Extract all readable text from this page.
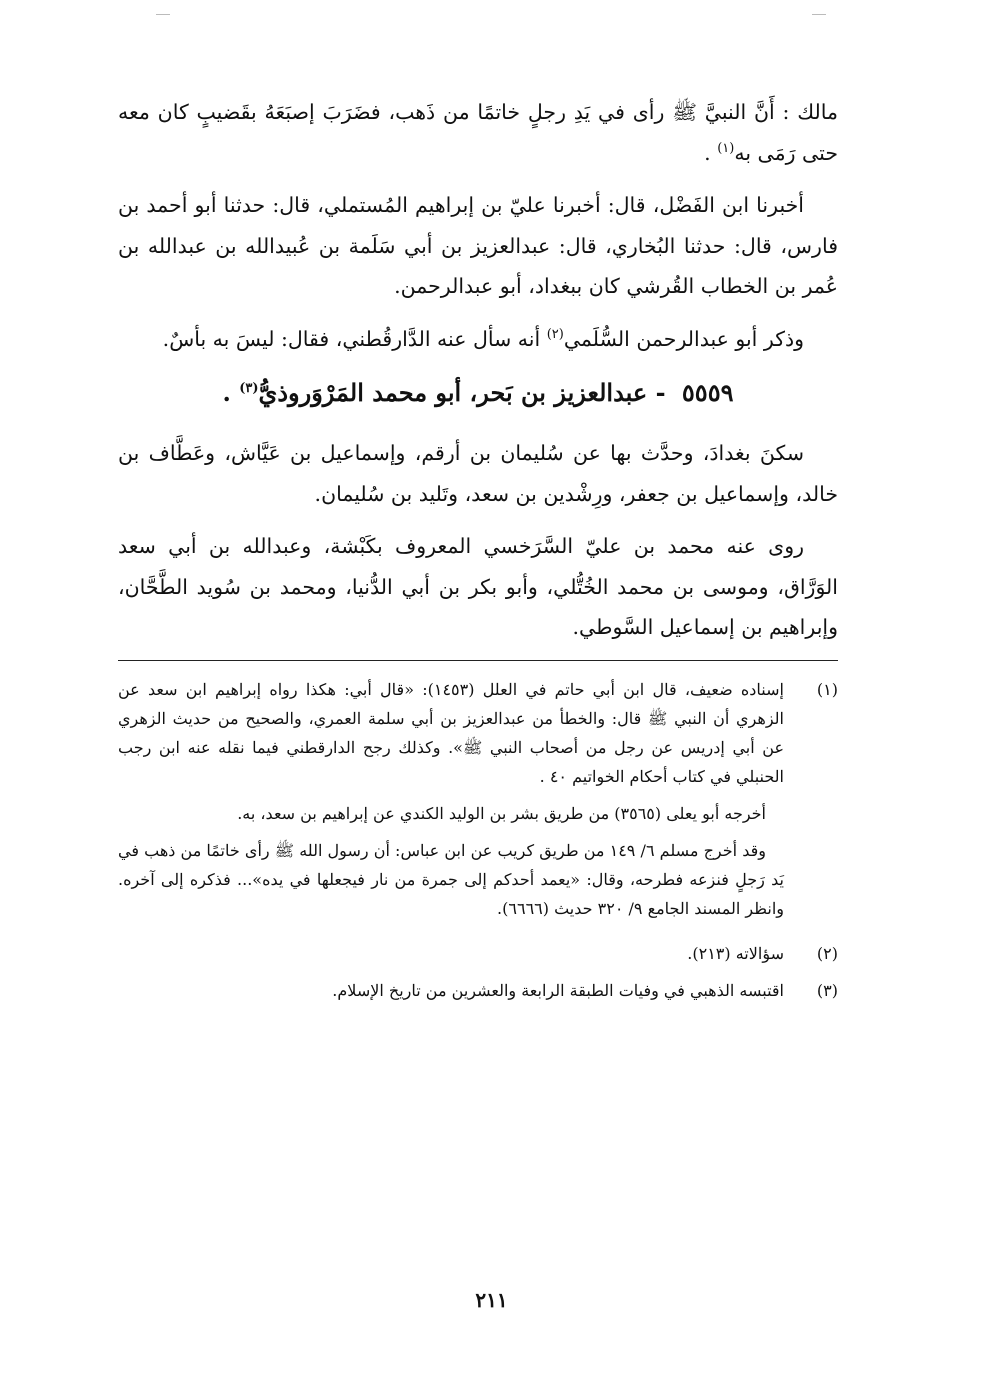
مالك : أَنَّ النبيَّ ﷺ رأى في يَدِ رجلٍ خاتمًا من ذَهب، فضَرَبَ إصبَعَهُ بقَضيبٍ كان معه حتى رَمَى به$^{(١)}$ .

أخبرنا ابن الفَضْل، قال: أخبرنا عليّ بن إبراهيم المُستملي، قال: حدثنا أبو أحمد بن فارس، قال: حدثنا البُخاري، قال: عبدالعزيز بن أبي سَلَمة بن عُبيدالله بن عبدالله بن عُمر بن الخطاب القُرشي كان ببغداد، أبو عبدالرحمن.

وذكر أبو عبدالرحمن السُّلَمي$^{(٢)}$ أنه سأل عنه الدَّارقُطني، فقال: ليسَ به بأسٌ.

٥٥٥٩ - عبدالعزيز بن بَحر، أبو محمد المَرْوَروذيُّ$^{(٣)}$ .

سكنَ بغدادَ، وحدَّث بها عن سُليمان بن أرقم، وإسماعيل بن عَيَّاش، وعَطَّاف بن خالد، وإسماعيل بن جعفر، ورِشْدين بن سعد، وتَليد بن سُليمان.

روى عنه محمد بن عليّ السَّرَخسي المعروف بكَبْشة، وعبدالله بن أبي سعد الوَرَّاق، وموسى بن محمد الخُتُّلي، وأبو بكر بن أبي الدُّنيا، ومحمد بن سُويد الطَّحَّان، وإبراهيم بن إسماعيل السَّوطي.

(١)

إسناده ضعيف، قال ابن أبي حاتم في العلل (١٤٥٣): «قال أبي: هكذا رواه إبراهيم ابن سعد عن الزهري أن النبي ﷺ قال: والخطأ من عبدالعزيز بن أبي سلمة العمري، والصحيح من حديث الزهري عن أبي إدريس عن رجل من أصحاب النبي ﷺ». وكذلك رجح الدارقطني فيما نقله عنه ابن رجب الحنبلي في كتاب أحكام الخواتيم ٤٠ .

أخرجه أبو يعلى (٣٥٦٥) من طريق بشر بن الوليد الكندي عن إبراهيم بن سعد، به.

وقد أخرج مسلم ٦/ ١٤٩ من طريق كريب عن ابن عباس: أن رسول الله ﷺ رأى خاتمًا من ذهب في يَد رَجلٍ فنزعه فطرحه، وقال: «يعمد أحدكم إلى جمرة من نار فيجعلها في يده»... فذكره إلى آخره. وانظر المسند الجامع ٩/ ٣٢٠ حديث (٦٦٦٦).

(٢)
سؤالاته (٢١٣).
(٣)
اقتبسه الذهبي في وفيات الطبقة الرابعة والعشرين من تاريخ الإسلام.
٢١١
